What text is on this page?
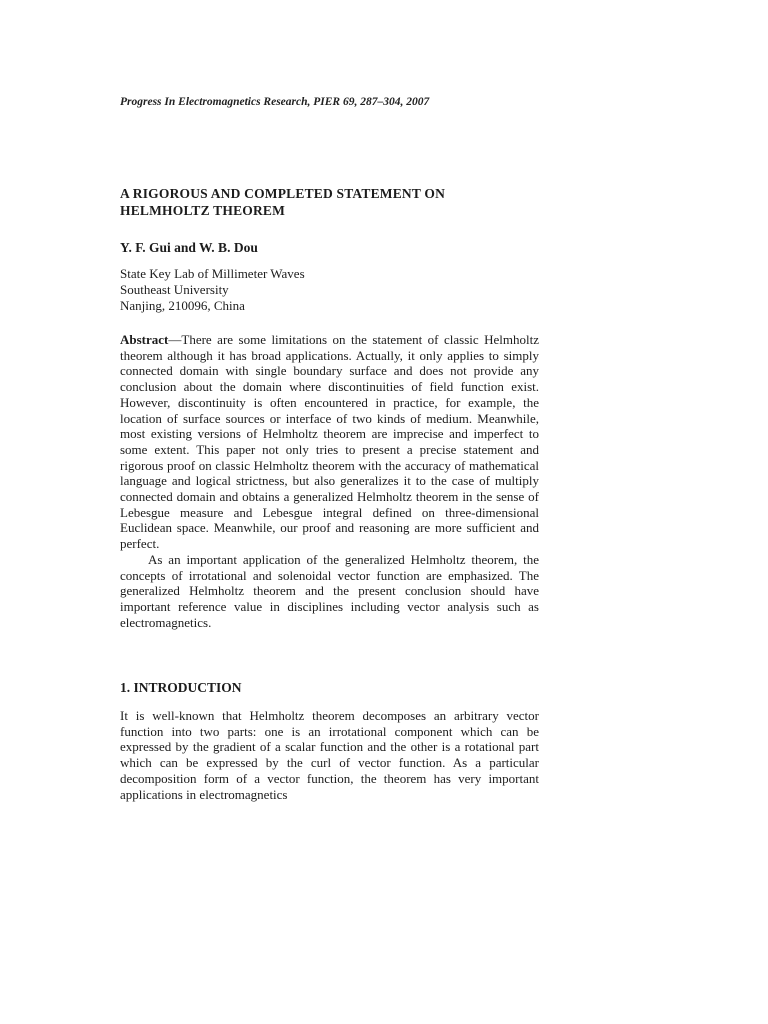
Progress In Electromagnetics Research, PIER 69, 287–304, 2007
A RIGOROUS AND COMPLETED STATEMENT ON
HELMHOLTZ THEOREM
Y. F. Gui and W. B. Dou
State Key Lab of Millimeter Waves
Southeast University
Nanjing, 210096, China

Abstract—There are some limitations on the statement of classic Helmholtz theorem although it has broad applications. Actually, it only applies to simply connected domain with single boundary surface and does not provide any conclusion about the domain where discontinuities of field function exist. However, discontinuity is often encountered in practice, for example, the location of surface sources or interface of two kinds of medium. Meanwhile, most existing versions of Helmholtz theorem are imprecise and imperfect to some extent. This paper not only tries to present a precise statement and rigorous proof on classic Helmholtz theorem with the accuracy of mathematical language and logical strictness, but also generalizes it to the case of multiply connected domain and obtains a generalized Helmholtz theorem in the sense of Lebesgue measure and Lebesgue integral defined on three-dimensional Euclidean space. Meanwhile, our proof and reasoning are more sufficient and perfect.

As an important application of the generalized Helmholtz theorem, the concepts of irrotational and solenoidal vector function are emphasized. The generalized Helmholtz theorem and the present conclusion should have important reference value in disciplines including vector analysis such as electromagnetics.

1. INTRODUCTION

It is well-known that Helmholtz theorem decomposes an arbitrary vector function into two parts: one is an irrotational component which can be expressed by the gradient of a scalar function and the other is a rotational part which can be expressed by the curl of vector function. As a particular decomposition form of a vector function, the theorem has very important applications in electromagnetics
